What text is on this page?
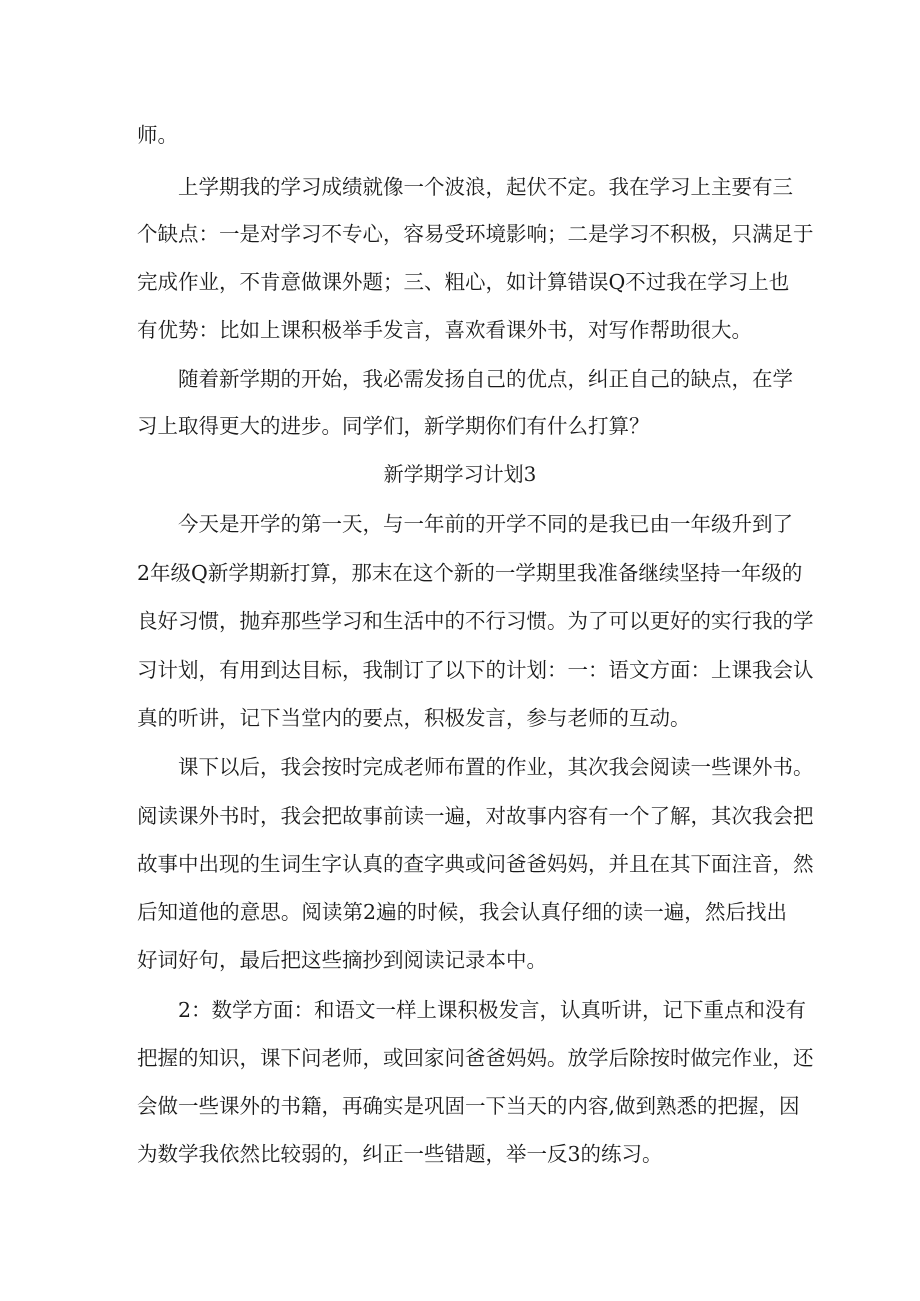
师。
上学期我的学习成绩就像一个波浪，起伏不定。我在学习上主要有三
个缺点：一是对学习不专心，容易受环境影响；二是学习不积极，只满足于
完成作业，不肯意做课外题；三、粗心，如计算错误Q不过我在学习上也
有优势：比如上课积极举手发言，喜欢看课外书，对写作帮助很大。
随着新学期的开始，我必需发扬自己的优点，纠正自己的缺点，在学
习上取得更大的进步。同学们，新学期你们有什么打算？
新学期学习计划3
今天是开学的第一天，与一年前的开学不同的是我已由一年级升到了
2年级Q新学期新打算，那末在这个新的一学期里我准备继续坚持一年级的
良好习惯，抛弃那些学习和生活中的不行习惯。为了可以更好的实行我的学
习计划，有用到达目标，我制订了以下的计划：一：语文方面：上课我会认
真的听讲，记下当堂内的要点，积极发言，参与老师的互动。
课下以后，我会按时完成老师布置的作业，其次我会阅读一些课外书。
阅读课外书时，我会把故事前读一遍，对故事内容有一个了解，其次我会把
故事中出现的生词生字认真的查字典或问爸爸妈妈，并且在其下面注音，然
后知道他的意思。阅读第2遍的时候，我会认真仔细的读一遍，然后找出
好词好句，最后把这些摘抄到阅读记录本中。
2：数学方面：和语文一样上课积极发言，认真听讲，记下重点和没有
把握的知识，课下问老师，或回家问爸爸妈妈。放学后除按时做完作业，还
会做一些课外的书籍，再确实是巩固一下当天的内容,做到熟悉的把握，因
为数学我依然比较弱的，纠正一些错题，举一反3的练习。
